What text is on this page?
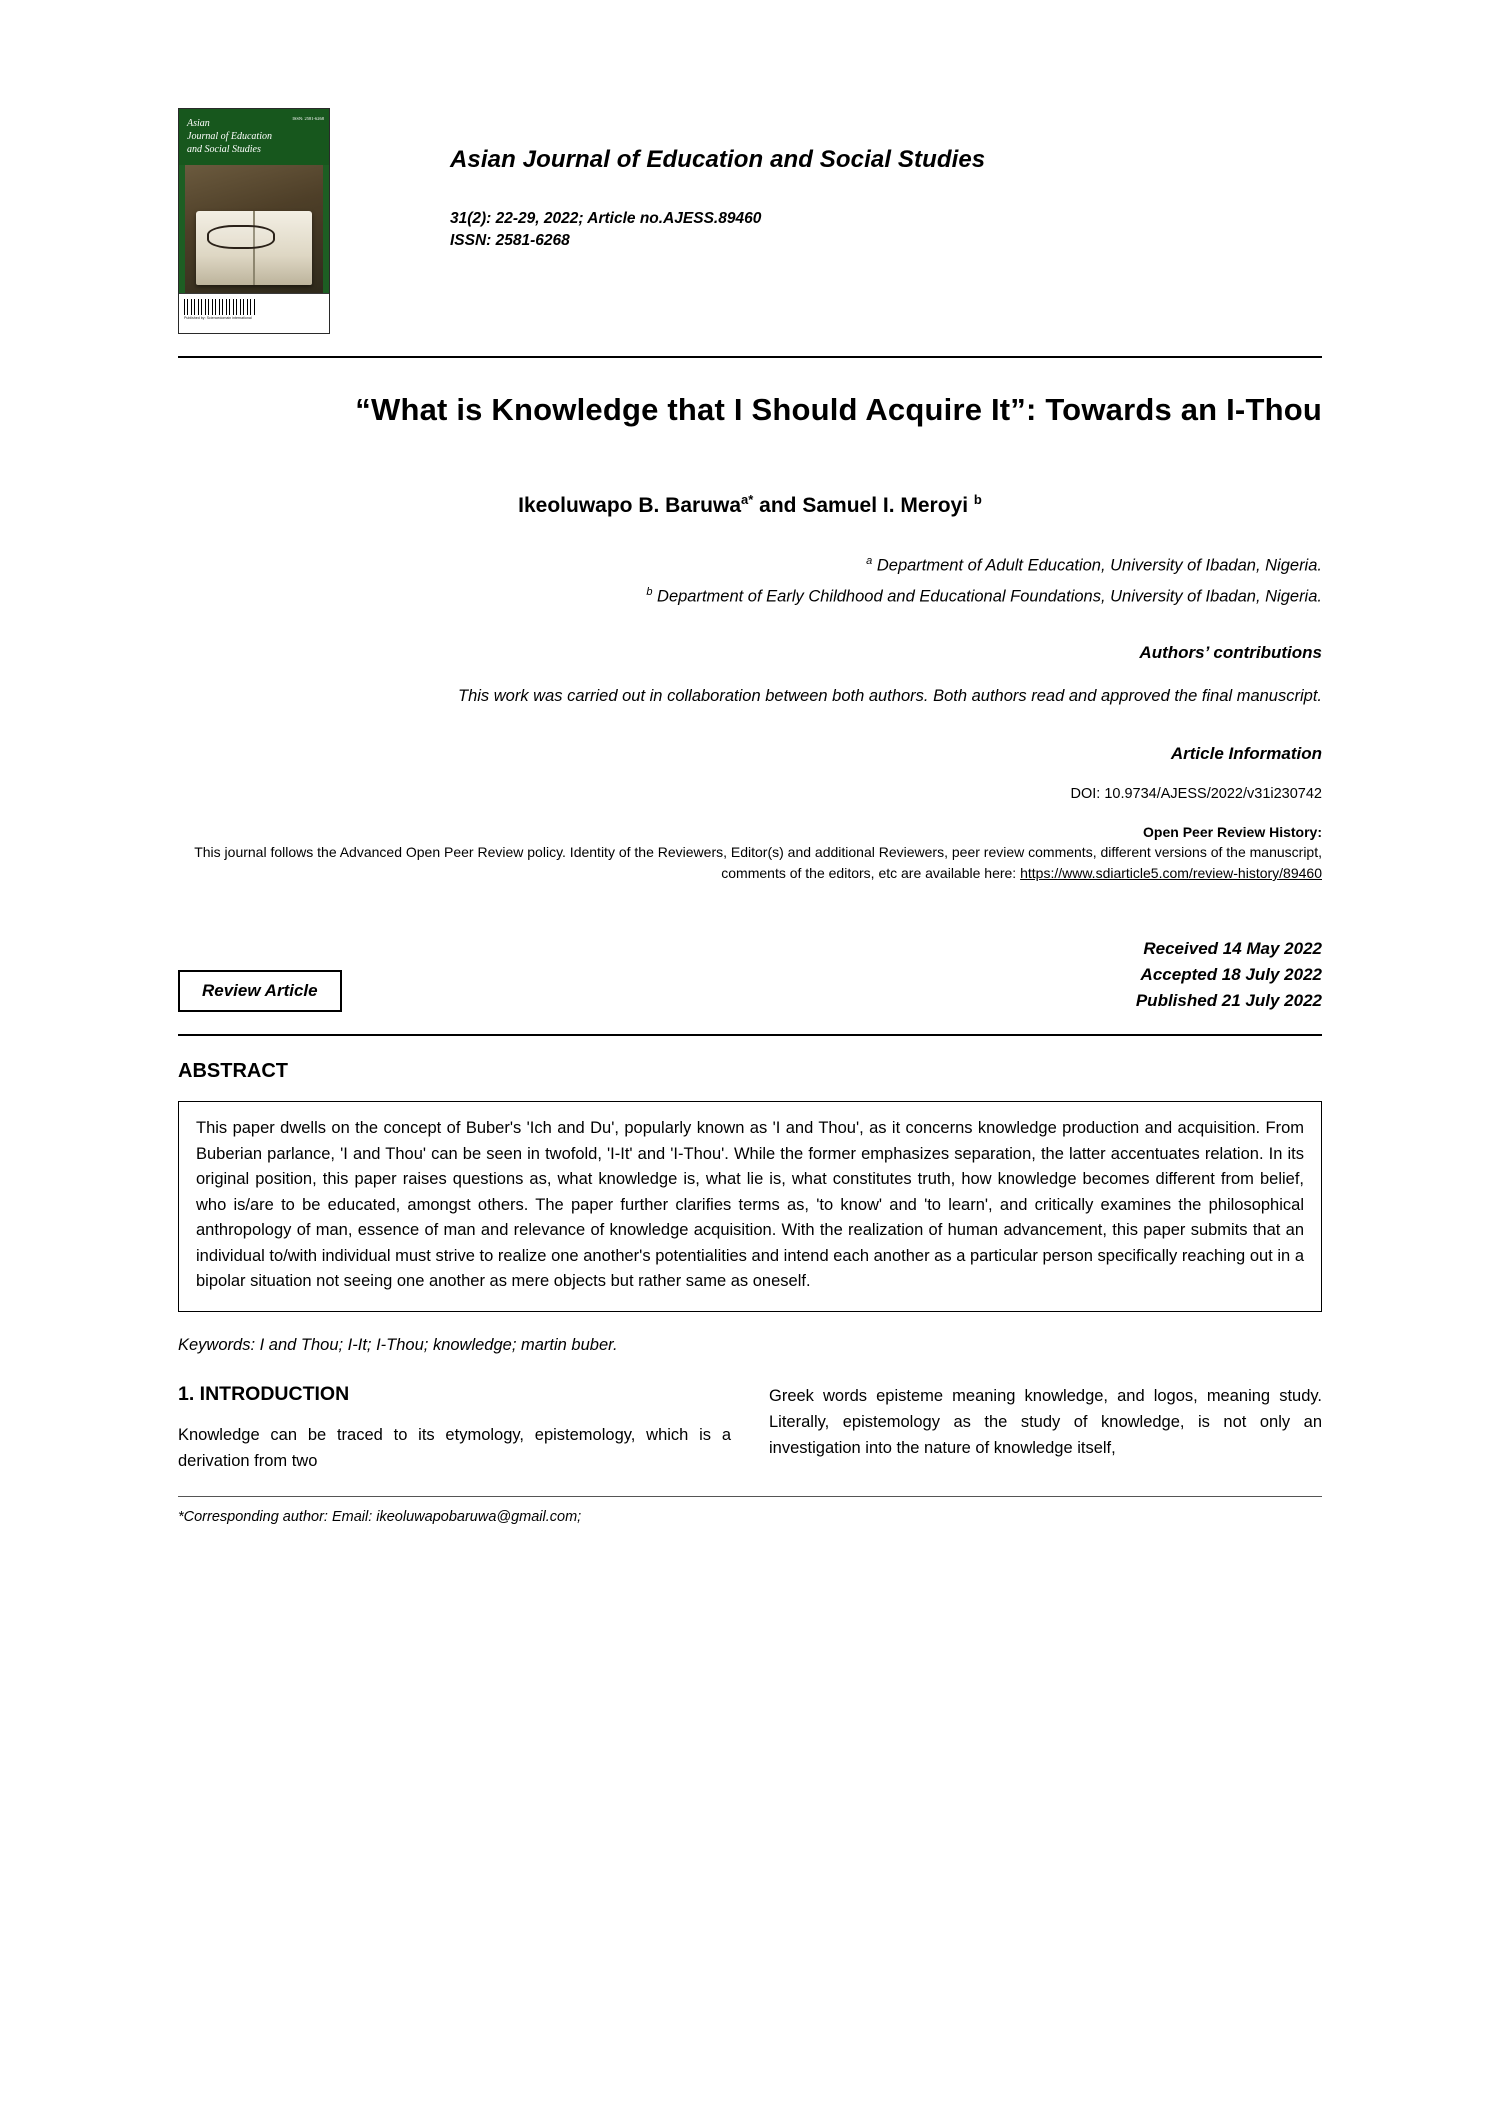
ISSN: 2581-6268
Asian
Journal of Education
and Social Studies
Published by: Sciencedomain international
Asian Journal of Education and Social Studies
31(2): 22-29, 2022; Article no.AJESS.89460
ISSN: 2581-6268
“What is Knowledge that I Should Acquire It”: Towards an I-Thou
Ikeoluwapo B. Baruwa$^{a*}$ and Samuel I. Meroyi $^b$
$^a$ Department of Adult Education, University of Ibadan, Nigeria.
$^b$ Department of Early Childhood and Educational Foundations, University of Ibadan, Nigeria.
Authors’ contributions
This work was carried out in collaboration between both authors. Both authors read and approved the final manuscript.
Article Information
DOI: 10.9734/AJESS/2022/v31i230742
Open Peer Review History:
This journal follows the Advanced Open Peer Review policy. Identity of the Reviewers, Editor(s) and additional Reviewers, peer review comments, different versions of the manuscript, comments of the editors, etc are available here: https://www.sdiarticle5.com/review-history/89460
Review Article
Received 14 May 2022
Accepted 18 July 2022
Published 21 July 2022
ABSTRACT
This paper dwells on the concept of Buber's 'Ich and Du', popularly known as 'I and Thou', as it concerns knowledge production and acquisition. From Buberian parlance, 'I and Thou' can be seen in twofold, 'I-It' and 'I-Thou'. While the former emphasizes separation, the latter accentuates relation. In its original position, this paper raises questions as, what knowledge is, what lie is, what constitutes truth, how knowledge becomes different from belief, who is/are to be educated, amongst others. The paper further clarifies terms as, 'to know' and 'to learn', and critically examines the philosophical anthropology of man, essence of man and relevance of knowledge acquisition. With the realization of human advancement, this paper submits that an individual to/with individual must strive to realize one another's potentialities and intend each another as a particular person specifically reaching out in a bipolar situation not seeing one another as mere objects but rather same as oneself.
Keywords: I and Thou; I-It; I-Thou; knowledge; martin buber.
1. INTRODUCTION

Knowledge can be traced to its etymology, epistemology, which is a derivation from two

Greek words episteme meaning knowledge, and logos, meaning study. Literally, epistemology as the study of knowledge, is not only an investigation into the nature of knowledge itself,

*Corresponding author: Email: ikeoluwapobaruwa@gmail.com;
